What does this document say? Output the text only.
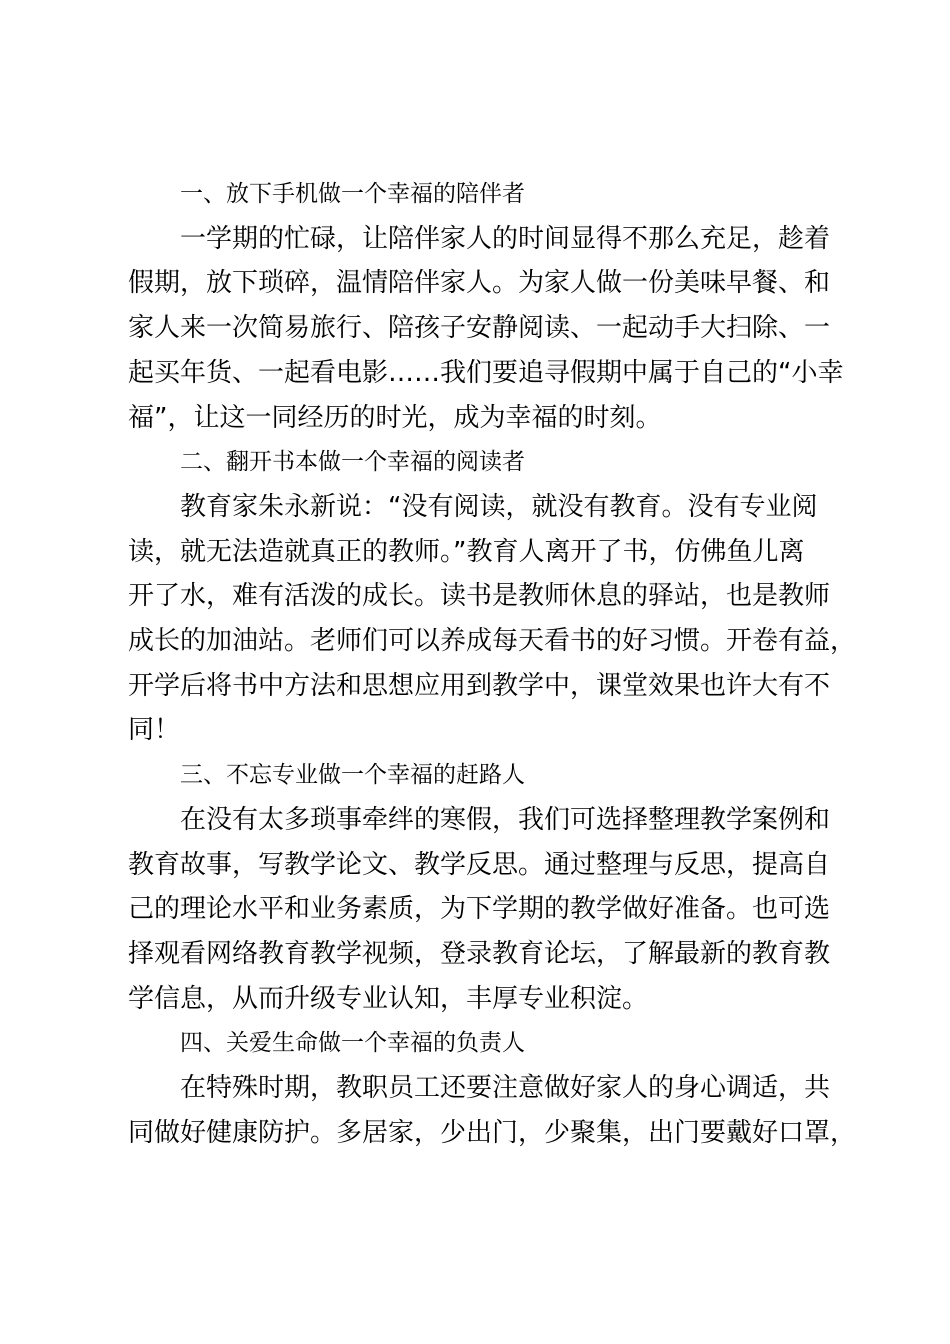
一、放下手机做一个幸福的陪伴者

一学期的忙碌，让陪伴家人的时间显得不那么充足，趁着
假期，放下琐碎，温情陪伴家人。为家人做一份美味早餐、和
家人来一次简易旅行、陪孩子安静阅读、一起动手大扫除、一
起买年货、一起看电影……我们要追寻假期中属于自己的“小幸
福”，让这一同经历的时光，成为幸福的时刻。

二、翻开书本做一个幸福的阅读者

教育家朱永新说：“没有阅读，就没有教育。没有专业阅
读，就无法造就真正的教师。”教育人离开了书，仿佛鱼儿离
开了水，难有活泼的成长。读书是教师休息的驿站，也是教师
成长的加油站。老师们可以养成每天看书的好习惯。开卷有益，
开学后将书中方法和思想应用到教学中，课堂效果也许大有不
同！

三、不忘专业做一个幸福的赶路人

在没有太多琐事牵绊的寒假，我们可选择整理教学案例和
教育故事，写教学论文、教学反思。通过整理与反思，提高自
己的理论水平和业务素质，为下学期的教学做好准备。也可选
择观看网络教育教学视频，登录教育论坛，了解最新的教育教
学信息，从而升级专业认知，丰厚专业积淀。

四、关爱生命做一个幸福的负责人

在特殊时期，教职员工还要注意做好家人的身心调适，共
同做好健康防护。多居家，少出门，少聚集，出门要戴好口罩，
